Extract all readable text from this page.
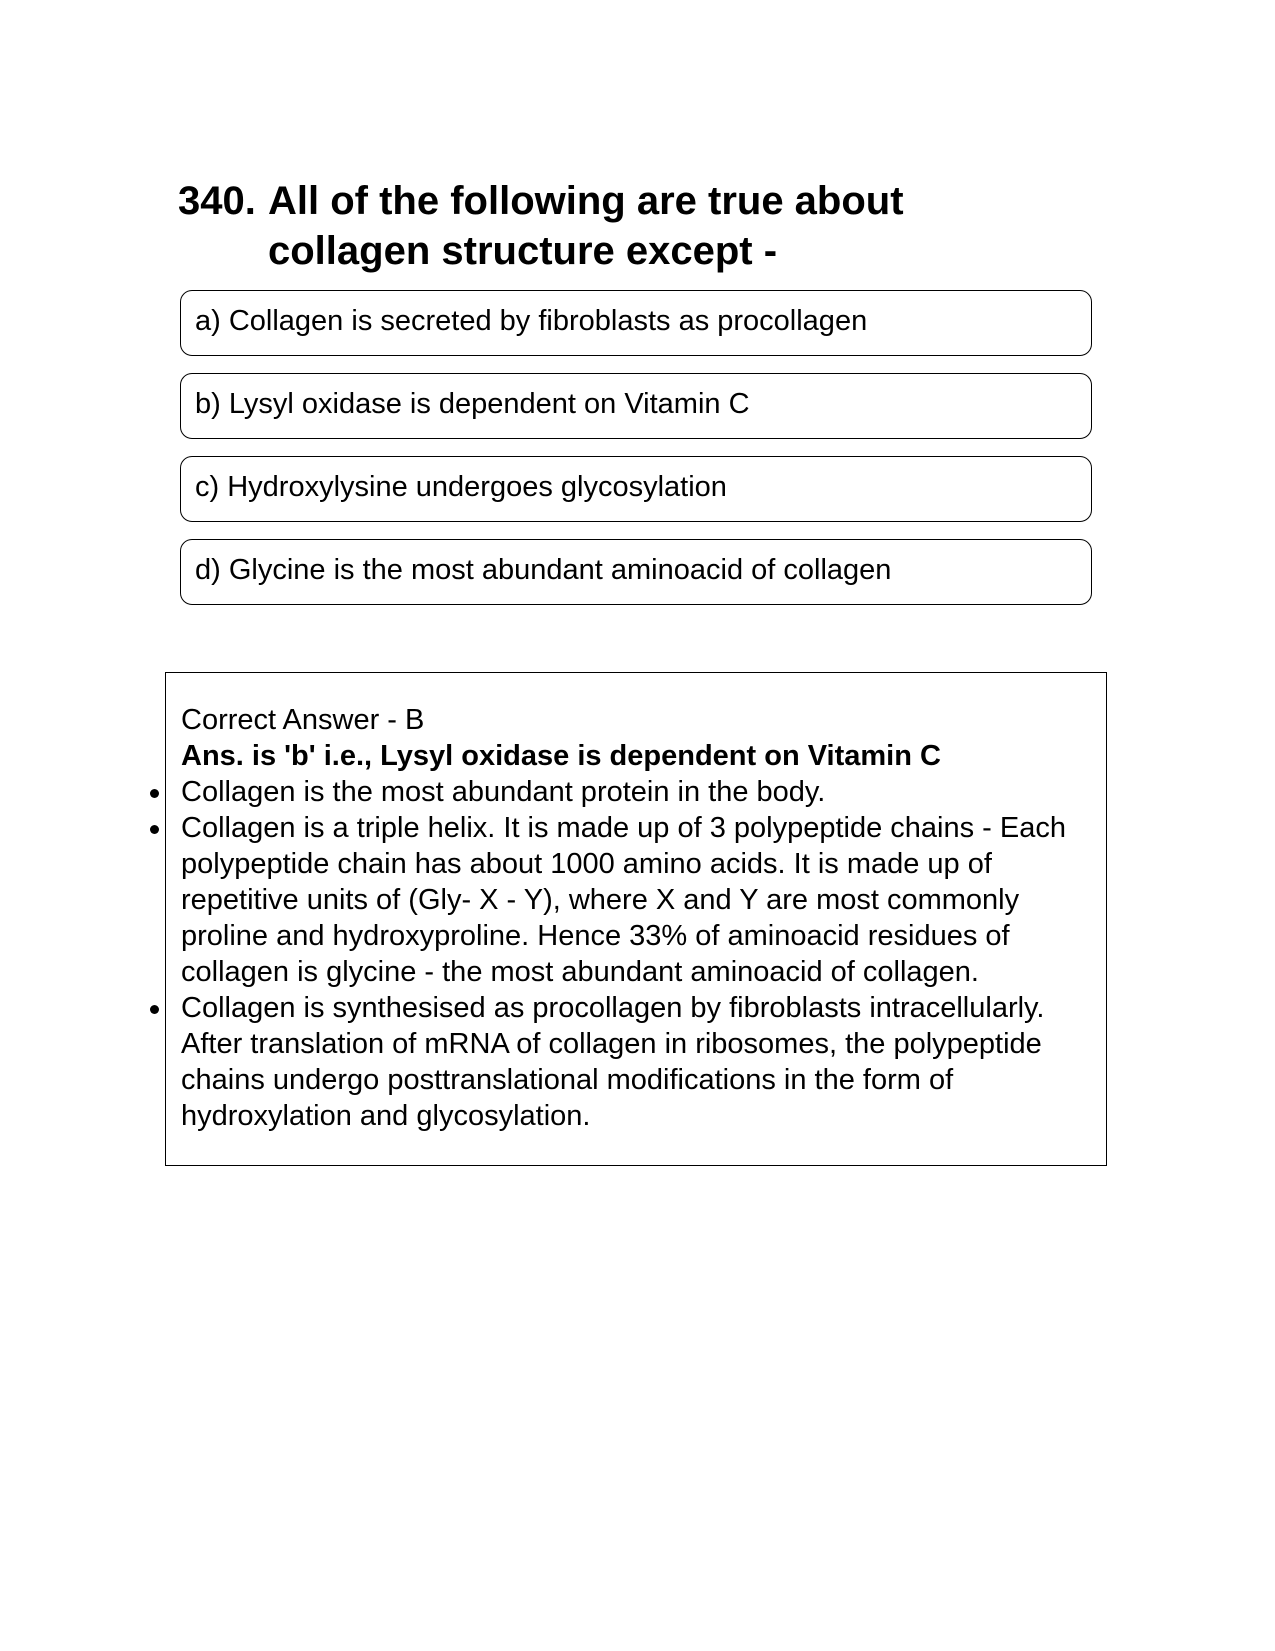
340. All of the following are true about collagen structure except -
a) Collagen is secreted by fibroblasts as procollagen
b) Lysyl oxidase is dependent on Vitamin C
c) Hydroxylysine undergoes glycosylation
d) Glycine is the most abundant aminoacid of collagen

Correct Answer - B

Ans. is 'b' i.e., Lysyl oxidase is dependent on Vitamin C

Collagen is the most abundant protein in the body.
Collagen is a triple helix. It is made up of 3 polypeptide chains - Each polypeptide chain has about 1000 amino acids. It is made up of repetitive units of (Gly- X - Y), where X and Y are most commonly proline and hydroxyproline. Hence 33% of aminoacid residues of collagen is glycine - the most abundant aminoacid of collagen.
Collagen is synthesised as procollagen by fibroblasts intracellularly. After translation of mRNA of collagen in ribosomes, the polypeptide chains undergo posttranslational modifications in the form of hydroxylation and glycosylation.
